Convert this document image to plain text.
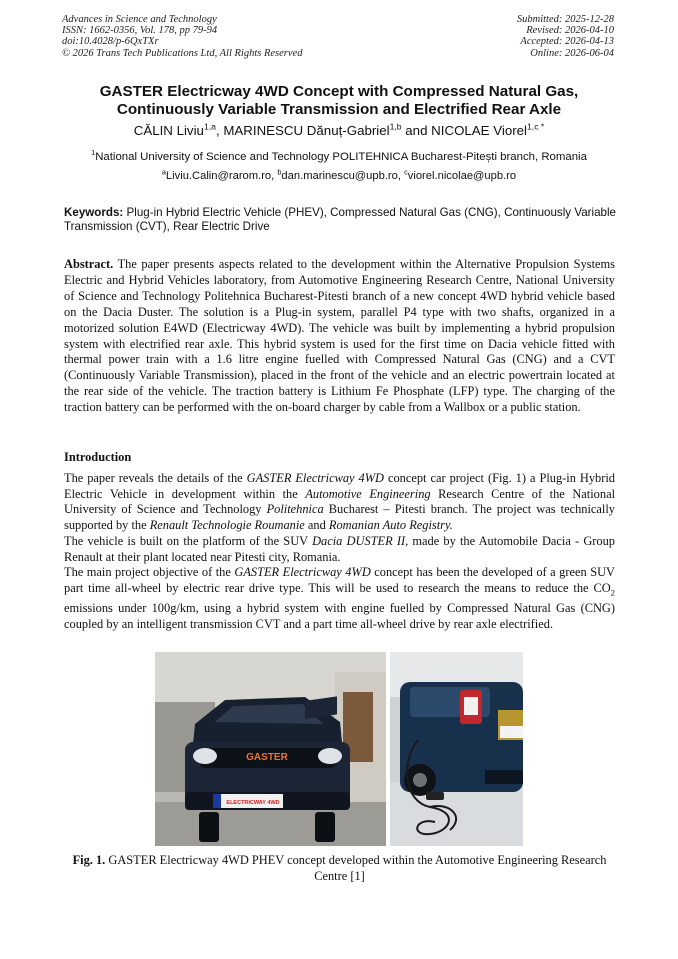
Advances in Science and Technology
ISSN: 1662-0356, Vol. 178, pp 79-94
doi:10.4028/p-6QxTXr
© 2026 Trans Tech Publications Ltd, All Rights Reserved
Submitted: 2025-12-28
Revised: 2026-04-10
Accepted: 2026-04-13
Online: 2026-06-04
GASTER Electricway 4WD Concept with Compressed Natural Gas,
Continuously Variable Transmission and Electrified Rear Axle
CĂLIN Liviu$^{1,a}$, MARINESCU Dănuț-Gabriel$^{1,b}$ and NICOLAE Viorel$^{1,c *}$
$^1$National University of Science and Technology POLITEHNICA Bucharest-Pitești branch, Romania
$^a$Liviu.Calin@rarom.ro, $^b$dan.marinescu@upb.ro, $^c$viorel.nicolae@upb.ro
Keywords: Plug-in Hybrid Electric Vehicle (PHEV), Compressed Natural Gas (CNG), Continuously Variable Transmission (CVT), Rear Electric Drive
Abstract. The paper presents aspects related to the development within the Alternative Propulsion Systems Electric and Hybrid Vehicles laboratory, from Automotive Engineering Research Centre, National University of Science and Technology Politehnica Bucharest-Pitesti branch of a new concept 4WD hybrid vehicle based on the Dacia Duster. The solution is a Plug-in system, parallel P4 type with two shafts, organized in a motorized solution E4WD (Electricway 4WD). The vehicle was built by implementing a hybrid propulsion system with electrified rear axle. This hybrid system is used for the first time on Dacia vehicle fitted with thermal power train with a 1.6 litre engine fuelled with Compressed Natural Gas (CNG) and a CVT (Continuously Variable Transmission), placed in the front of the vehicle and an electric powertrain located at the rear side of the vehicle. The traction battery is Lithium Fe Phosphate (LFP) type. The charging of the traction battery can be performed with the on-board charger by cable from a Wallbox or a public station.
Introduction

The paper reveals the details of the GASTER Electricway 4WD concept car project (Fig. 1) a Plug-in Hybrid Electric Vehicle in development within the Automotive Engineering Research Centre of the National University of Science and Technology Politehnica Bucharest – Pitesti branch. The project was technically supported by the Renault Technologie Roumanie and Romanian Auto Registry.

The vehicle is built on the platform of the SUV Dacia DUSTER II, made by the Automobile Dacia - Group Renault at their plant located near Pitesti city, Romania.

The main project objective of the GASTER Electricway 4WD concept has been the developed of a green SUV part time all-wheel by electric rear drive type. This will be used to research the means to reduce the $CO_2$ emissions under 100g/km, using a hybrid system with engine fuelled by Compressed Natural Gas (CNG) coupled by an intelligent transmission CVT and a part time all-wheel drive by rear axle electrified.

GASTER
ELECTRICWAY 4WD
Fig. 1. GASTER Electricway 4WD PHEV concept developed within the Automotive Engineering Research Centre [1]
